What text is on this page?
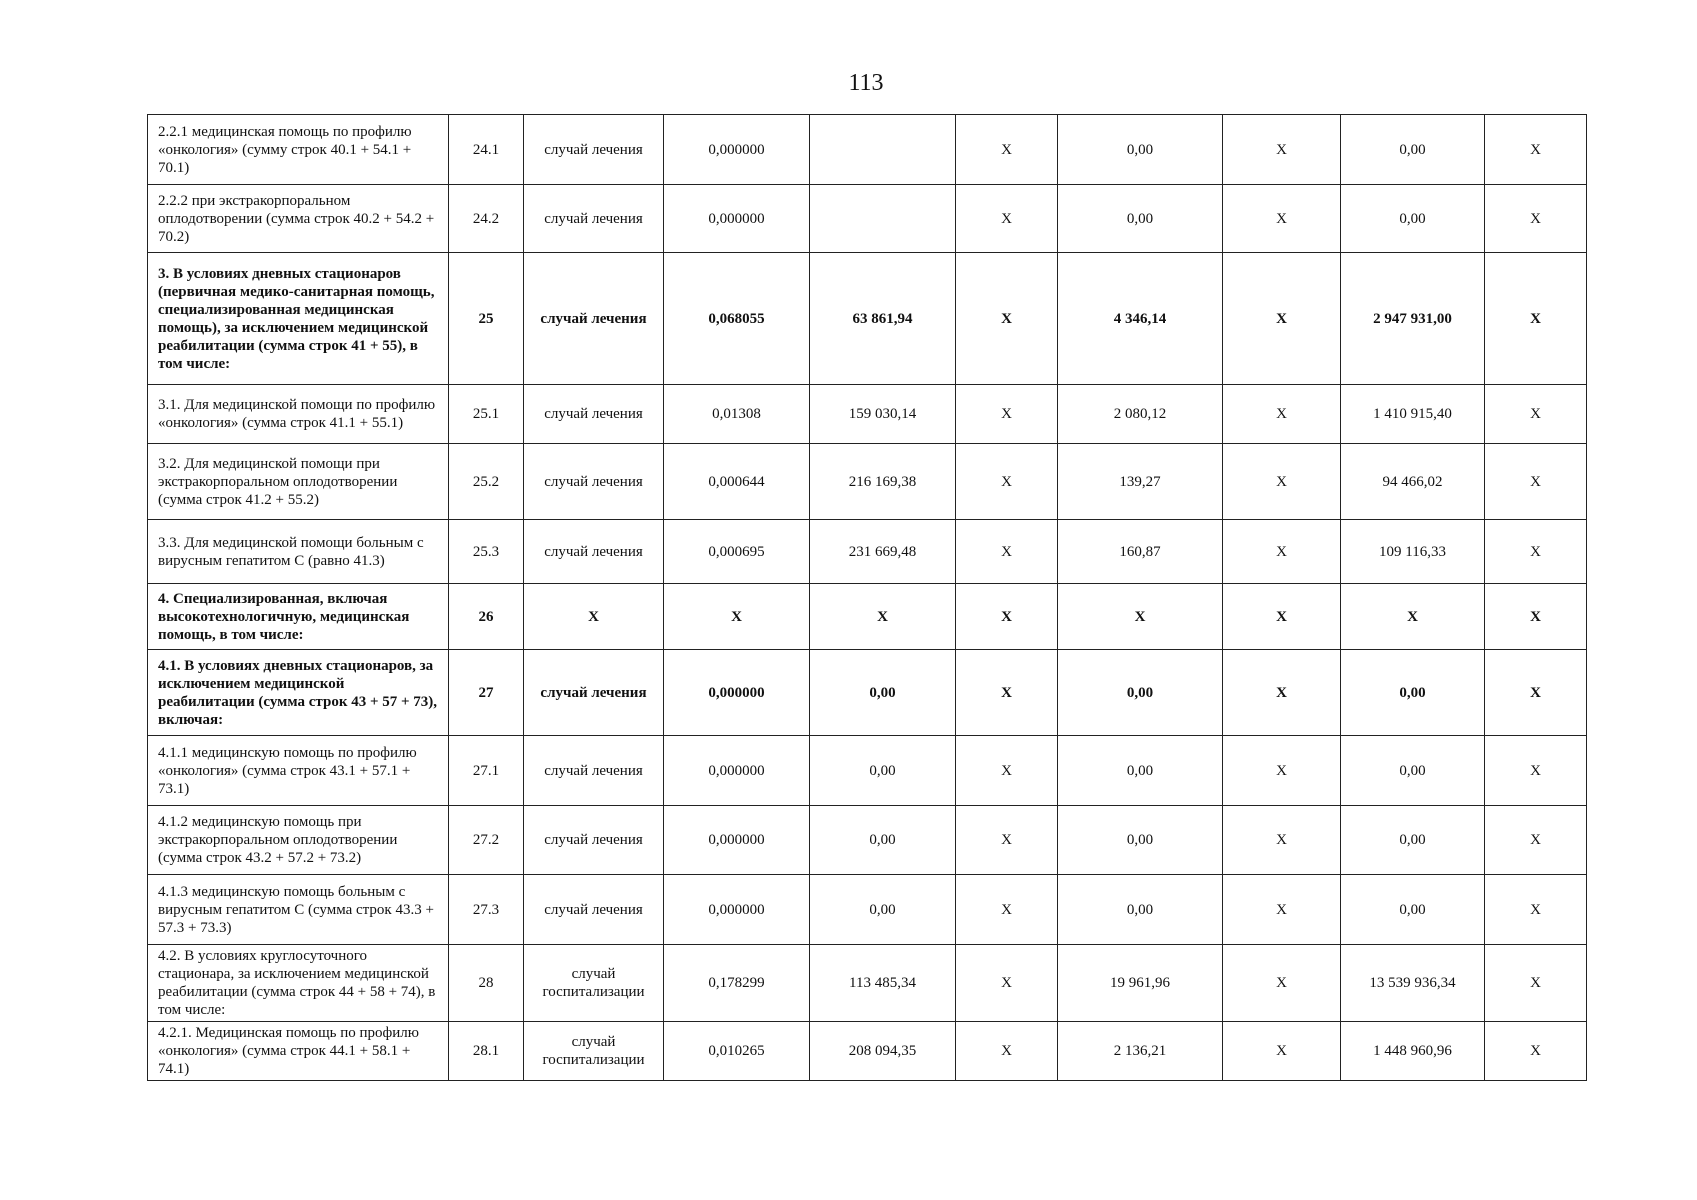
113
2.2.1 медицинская помощь по профилю «онкология» (сумму строк 40.1 + 54.1 + 70.1)	24.1	случай лечения	0,000000		X	0,00	X	0,00	X
2.2.2 при экстракорпоральном оплодотворении (сумма строк 40.2 + 54.2 + 70.2)	24.2	случай лечения	0,000000		X	0,00	X	0,00	X
3. В условиях дневных стационаров (первичная медико-санитарная помощь, специализированная медицинская помощь), за исключением медицинской реабилитации (сумма строк 41 + 55), в том числе:	25	случай лечения	0,068055	63 861,94	X	4 346,14	X	2 947 931,00	X
3.1. Для медицинской помощи по профилю «онкология» (сумма строк 41.1 + 55.1)	25.1	случай лечения	0,01308	159 030,14	X	2 080,12	X	1 410 915,40	X
3.2. Для медицинской помощи при экстракорпоральном оплодотворении (сумма строк 41.2 + 55.2)	25.2	случай лечения	0,000644	216 169,38	X	139,27	X	94 466,02	X
3.3. Для медицинской помощи больным с вирусным гепатитом С (равно 41.3)	25.3	случай лечения	0,000695	231 669,48	X	160,87	X	109 116,33	X
4. Специализированная, включая высокотехнологичную, медицинская помощь, в том числе:	26	X	X	X	X	X	X	X	X
4.1. В условиях дневных стационаров, за исключением медицинской реабилитации (сумма строк 43 + 57 + 73), включая:	27	случай лечения	0,000000	0,00	X	0,00	X	0,00	X
4.1.1 медицинскую помощь по профилю «онкология» (сумма строк 43.1 + 57.1 + 73.1)	27.1	случай лечения	0,000000	0,00	X	0,00	X	0,00	X
4.1.2 медицинскую помощь при экстракорпоральном оплодотворении (сумма строк 43.2 + 57.2 + 73.2)	27.2	случай лечения	0,000000	0,00	X	0,00	X	0,00	X
4.1.3 медицинскую помощь больным с вирусным гепатитом С (сумма строк 43.3 + 57.3 + 73.3)	27.3	случай лечения	0,000000	0,00	X	0,00	X	0,00	X
4.2. В условиях круглосуточного стационара, за исключением медицинской реабилитации (сумма строк 44 + 58 + 74), в том числе:	28	случай госпитализации	0,178299	113 485,34	X	19 961,96	X	13 539 936,34	X
4.2.1. Медицинская помощь по профилю «онкология» (сумма строк 44.1 + 58.1 + 74.1)	28.1	случай госпитализации	0,010265	208 094,35	X	2 136,21	X	1 448 960,96	X
